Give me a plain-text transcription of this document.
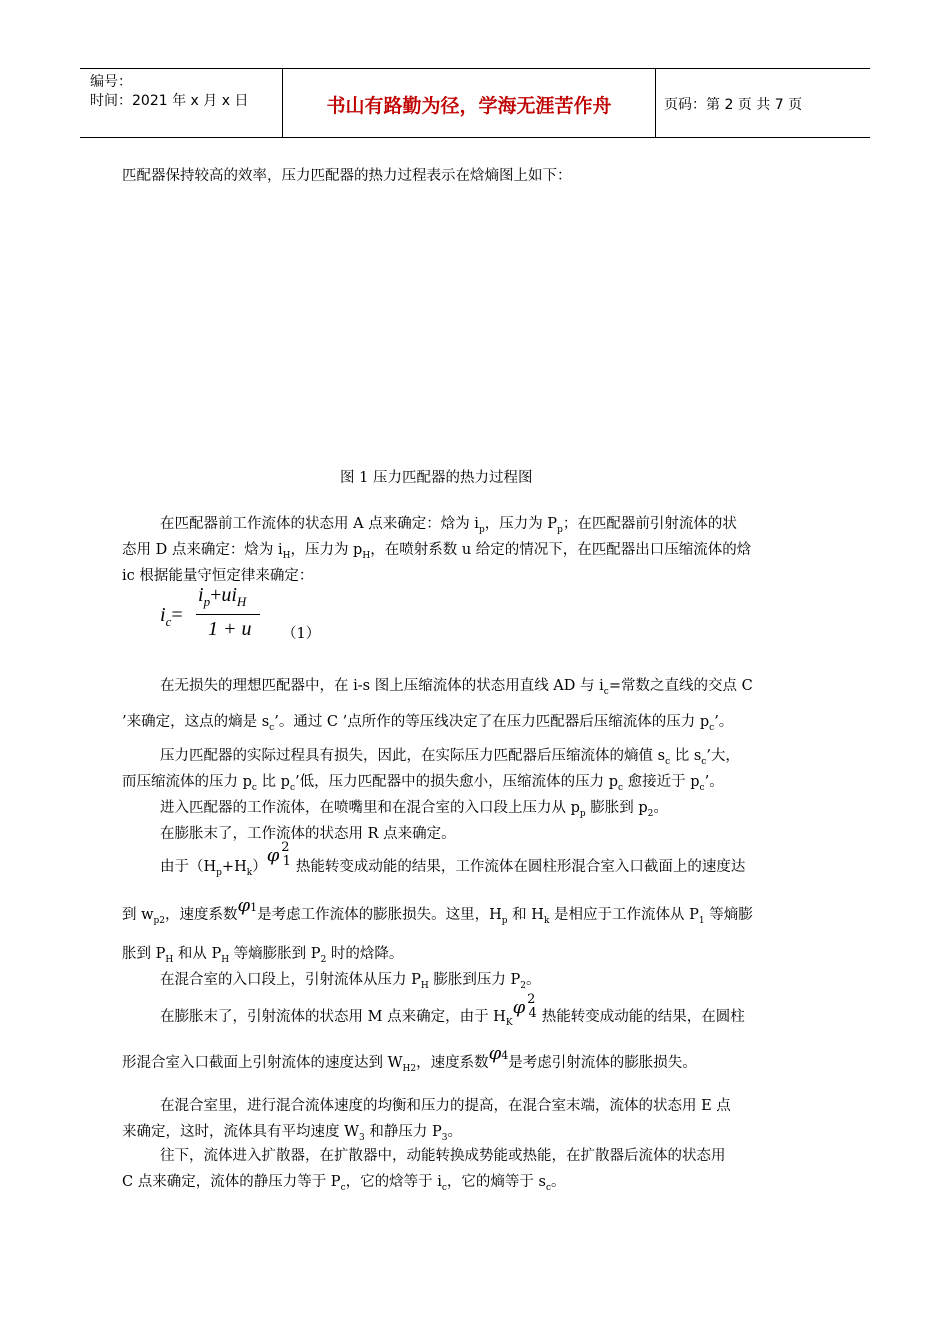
编号：
时间：2021 年 x 月 x 日	书山有路勤为径，学海无涯苦作舟	页码：第 2 页 共 7 页
匹配器保持较高的效率，压力匹配器的热力过程表示在焓熵图上如下：
图 1 压力匹配器的热力过程图
在匹配器前工作流体的状态用 A 点来确定：焓为 $i_p$，压力为 $P_p$；在匹配器前引射流体的状
态用 D 点来确定：焓为 $i_H$，压力为 $p_H$，在喷射系数 u 给定的情况下，在匹配器出口压缩流体的焓
ic 根据能量守恒定律来确定：
$i_c=$
$i_p+ui_H$
1 + u （1）
在无损失的理想匹配器中，在 i-s 图上压缩流体的状态用直线 AD 与 $i_c=$常数之直线的交点 C
’来确定，这点的熵是 $s_c$’。通过 C ’点所作的等压线决定了在压力匹配器后压缩流体的压力 $p_c$’。
压力匹配器的实际过程具有损失，因此，在实际压力匹配器后压缩流体的熵值 $s_c$ 比 $s_c$’大，
而压缩流体的压力 $p_c$ 比 $p_c$’低，压力匹配器中的损失愈小，压缩流体的压力 $p_c$ 愈接近于 $p_c$’。
进入匹配器的工作流体，在喷嘴里和在混合室的入口段上压力从 $p_p$ 膨胀到 $p_2$。
在膨胀末了，工作流体的状态用 R 点来确定。
由于$(H_p+H_k)\varphi$ $^2_1$ 热能转变成动能的结果，工作流体在圆柱形混合室入口截面上的速度达
到 $w_{p2}$，速度系数φ1是考虑工作流体的膨胀损失。这里，$H_p$ 和 $H_k$ 是相应于工作流体从 $P_1$ 等熵膨
胀到 $P_H$ 和从 $P_H$ 等熵膨胀到 $P_2$ 时的焓降。
在混合室的入口段上，引射流体从压力 $P_H$ 膨胀到压力 $P_2$。
在膨胀末了，引射流体的状态用 M 点来确定，由于 $H_K\varphi$ $^2_4$ 热能转变成动能的结果，在圆柱
形混合室入口截面上引射流体的速度达到 $W_{H2}$，速度系数φ4是考虑引射流体的膨胀损失。
在混合室里，进行混合流体速度的均衡和压力的提高，在混合室末端，流体的状态用 E 点
来确定，这时，流体具有平均速度 $W_3$ 和静压力 $P_3$。
往下，流体进入扩散器，在扩散器中，动能转换成势能或热能，在扩散器后流体的状态用
C 点来确定，流体的静压力等于 $P_c$，它的焓等于 $i_c$，它的熵等于 $s_c$。
